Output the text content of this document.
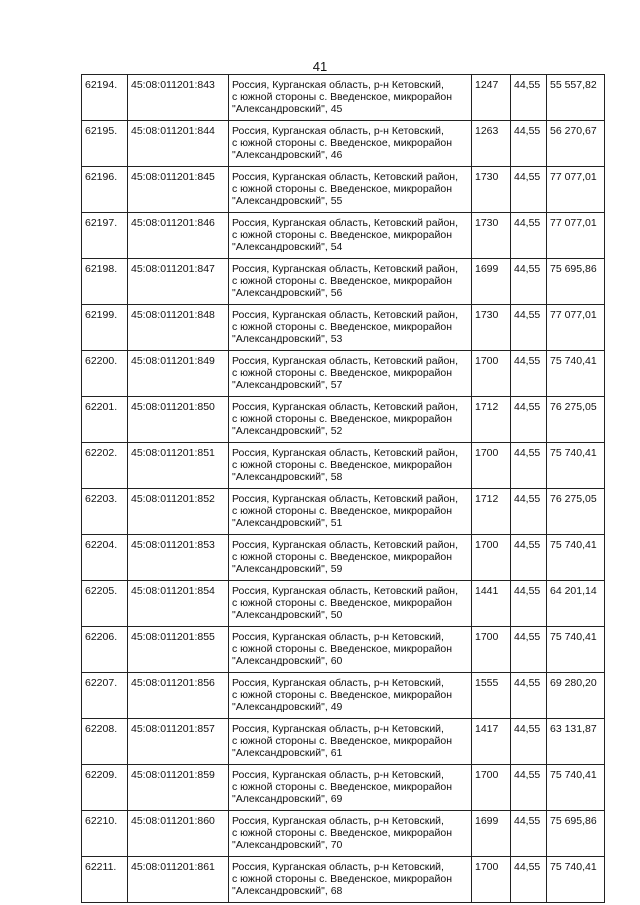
41
62194.	45:08:011201:843	Россия, Курганская область, р-н Кетовский,
с южной стороны с. Введенское, микрорайон
"Александровский", 45	1247	44,55	55 557,82
62195.	45:08:011201:844	Россия, Курганская область, р-н Кетовский,
с южной стороны с. Введенское, микрорайон
"Александровский", 46	1263	44,55	56 270,67
62196.	45:08:011201:845	Россия, Курганская область, Кетовский район,
с южной стороны с. Введенское, микрорайон
"Александровский", 55	1730	44,55	77 077,01
62197.	45:08:011201:846	Россия, Курганская область, Кетовский район,
с южной стороны с. Введенское, микрорайон
"Александровский", 54	1730	44,55	77 077,01
62198.	45:08:011201:847	Россия, Курганская область, Кетовский район,
с южной стороны с. Введенское, микрорайон
"Александровский", 56	1699	44,55	75 695,86
62199.	45:08:011201:848	Россия, Курганская область, Кетовский район,
с южной стороны с. Введенское, микрорайон
"Александровский", 53	1730	44,55	77 077,01
62200.	45:08:011201:849	Россия, Курганская область, Кетовский район,
с южной стороны с. Введенское, микрорайон
"Александровский", 57	1700	44,55	75 740,41
62201.	45:08:011201:850	Россия, Курганская область, Кетовский район,
с южной стороны с. Введенское, микрорайон
"Александровский", 52	1712	44,55	76 275,05
62202.	45:08:011201:851	Россия, Курганская область, Кетовский район,
с южной стороны с. Введенское, микрорайон
"Александровский", 58	1700	44,55	75 740,41
62203.	45:08:011201:852	Россия, Курганская область, Кетовский район,
с южной стороны с. Введенское, микрорайон
"Александровский", 51	1712	44,55	76 275,05
62204.	45:08:011201:853	Россия, Курганская область, Кетовский район,
с южной стороны с. Введенское, микрорайон
"Александровский", 59	1700	44,55	75 740,41
62205.	45:08:011201:854	Россия, Курганская область, Кетовский район,
с южной стороны с. Введенское, микрорайон
"Александровский", 50	1441	44,55	64 201,14
62206.	45:08:011201:855	Россия, Курганская область, р-н Кетовский,
с южной стороны с. Введенское, микрорайон
"Александровский", 60	1700	44,55	75 740,41
62207.	45:08:011201:856	Россия, Курганская область, р-н Кетовский,
с южной стороны с. Введенское, микрорайон
"Александровский", 49	1555	44,55	69 280,20
62208.	45:08:011201:857	Россия, Курганская область, р-н Кетовский,
с южной стороны с. Введенское, микрорайон
"Александровский", 61	1417	44,55	63 131,87
62209.	45:08:011201:859	Россия, Курганская область, р-н Кетовский,
с южной стороны с. Введенское, микрорайон
"Александровский", 69	1700	44,55	75 740,41
62210.	45:08:011201:860	Россия, Курганская область, р-н Кетовский,
с южной стороны с. Введенское, микрорайон
"Александровский", 70	1699	44,55	75 695,86
62211.	45:08:011201:861	Россия, Курганская область, р-н Кетовский,
с южной стороны с. Введенское, микрорайон
"Александровский", 68	1700	44,55	75 740,41
